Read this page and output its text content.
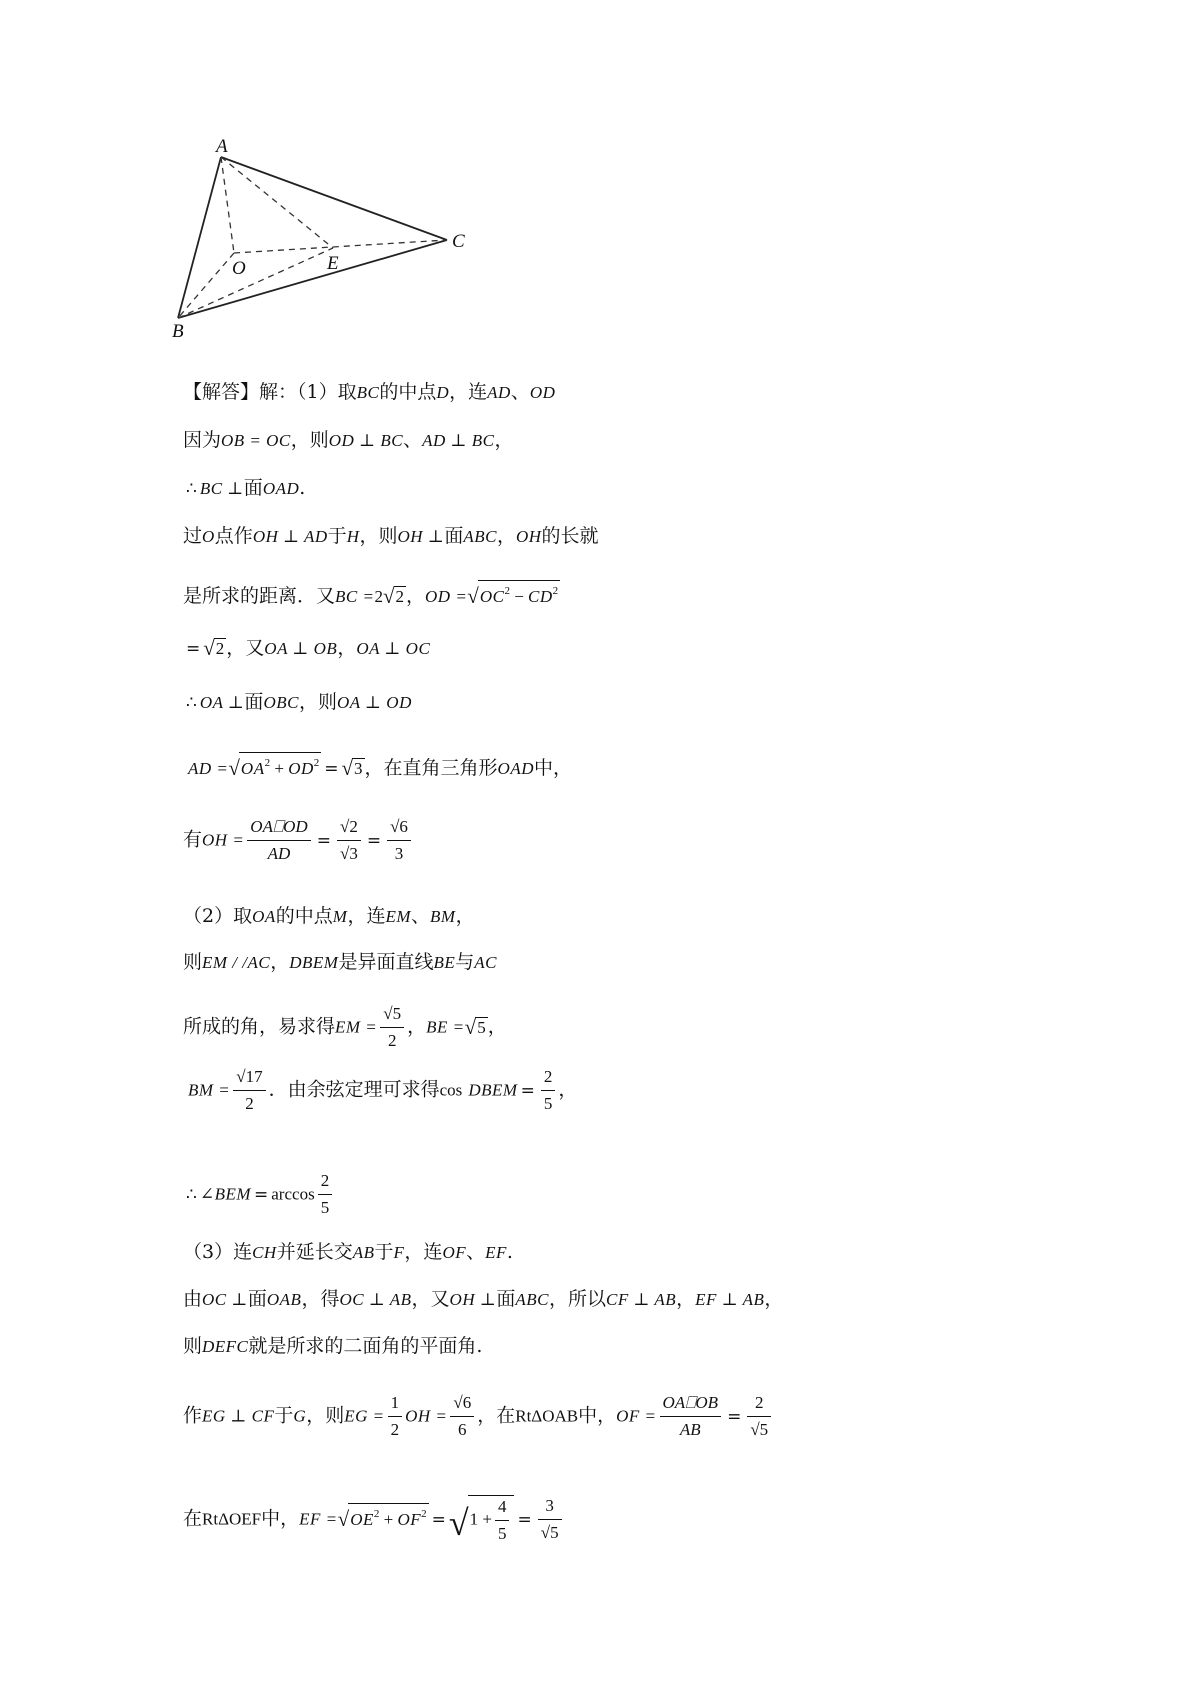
A
B
C
O	E
【解答】解：（1）取BC的中点D，连AD、OD
因为OB = OC，则OD ⊥ BC、AD ⊥ BC，
∴ BC ⊥面OAD.
过O点作OH ⊥ AD于H，则OH ⊥面ABC，OH的长就
是所求的距离．又BC =2√2 ，OD $=√OC^2 - CD^2$
= √2 ，又OA ⊥ OB，OA ⊥ OC
∴ OA ⊥面OBC，则OA ⊥ OD
AD $=√OA^2 + OD^2 = √3$ ，在直角三角形OAD中，
有OH = $\frac{OA⎕OD}{AD} = \frac{√2}{√3} = \frac{√6}{3}$
（2）取OA的中点M，连EM、BM，
则EM / /AC，DBEM是异面直线BE与AC
所成的角，易求得EM = $\frac{√5}{2}$ ，BE =√5 ，
BM = $\frac{√17}{2}$ ．由余弦定理可求得cos DBEM = $\frac{2}{5}$ ，
∴ ∠BEM = $\arccos \frac{2}{5}$
（3）连CH并延长交AB于F，连OF、EF.
由OC ⊥面OAB，得OC ⊥ AB，又OH ⊥面ABC，所以CF ⊥ AB，EF ⊥ AB，
则DEFC就是所求的二面角的平面角.
作EG ⊥ CF于G，则EG = $\frac{1}{2}$ OH = $\frac{√6}{6}$ ，在RtΔOAB中，OF = $\frac{OA⎕OB}{AB} = \frac{2}{√5}$
在RtΔOEF中，EF $=√OE^2 + OF^2 =√1 + \frac{4}{5} = \frac{3}{√5}$
